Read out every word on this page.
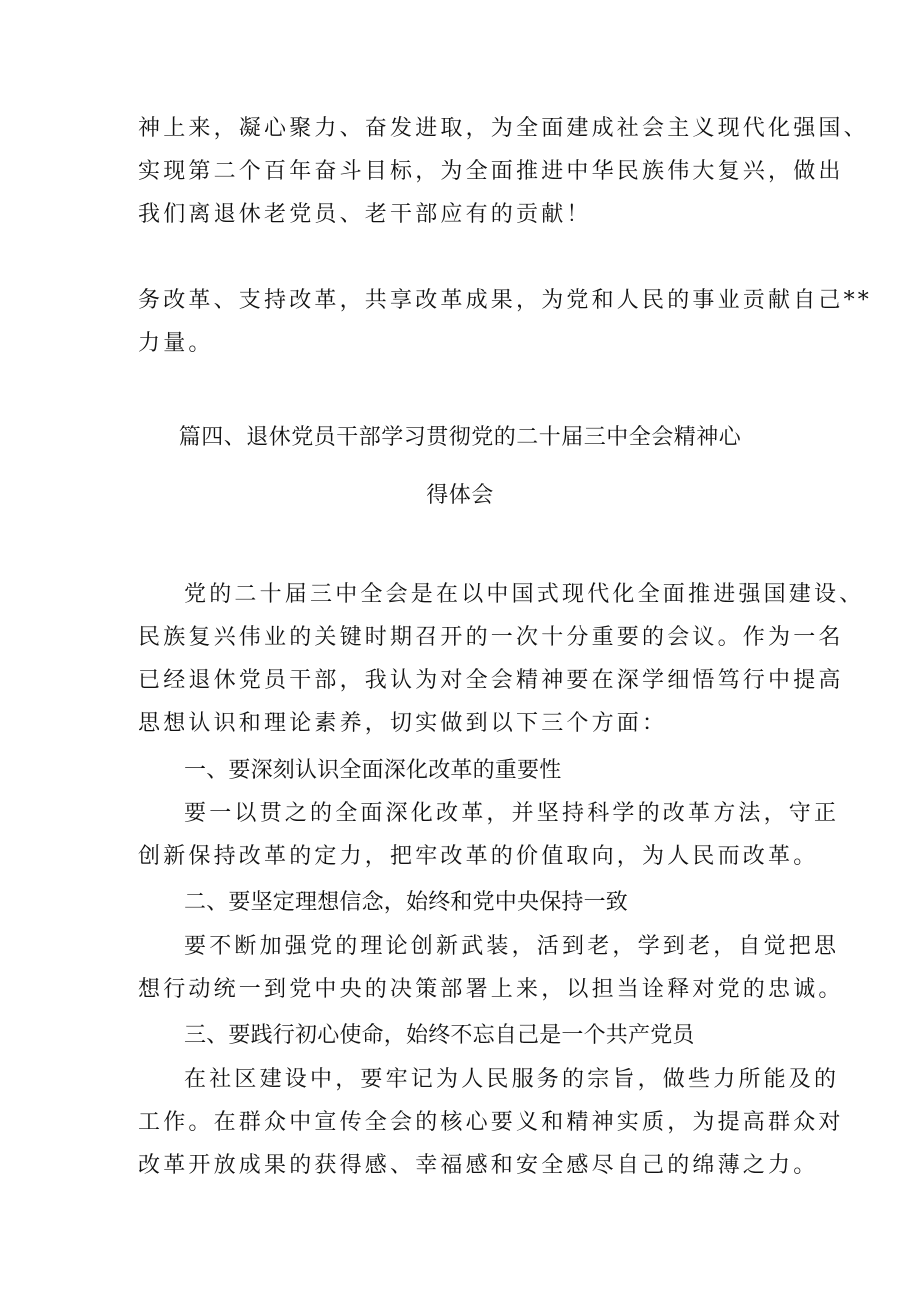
神上来，凝心聚力、奋发进取，为全面建成社会主义现代化强国、
实现第二个百年奋斗目标，为全面推进中华民族伟大复兴，做出
我们离退休老党员、老干部应有的贡献！
务改革、支持改革，共享改革成果，为党和人民的事业贡献自己**
力量。
篇四、退休党员干部学习贯彻党的二十届三中全会精神心
得体会
党的二十届三中全会是在以中国式现代化全面推进强国建设、
民族复兴伟业的关键时期召开的一次十分重要的会议。作为一名
已经退休党员干部，我认为对全会精神要在深学细悟笃行中提高
思想认识和理论素养，切实做到以下三个方面：
一、要深刻认识全面深化改革的重要性
要一以贯之的全面深化改革，并坚持科学的改革方法，守正
创新保持改革的定力，把牢改革的价值取向，为人民而改革。
二、要坚定理想信念，始终和党中央保持一致
要不断加强党的理论创新武装，活到老，学到老，自觉把思
想行动统一到党中央的决策部署上来，以担当诠释对党的忠诚。
三、要践行初心使命，始终不忘自己是一个共产党员
在社区建设中，要牢记为人民服务的宗旨，做些力所能及的
工作。在群众中宣传全会的核心要义和精神实质，为提高群众对
改革开放成果的获得感、幸福感和安全感尽自己的绵薄之力。
